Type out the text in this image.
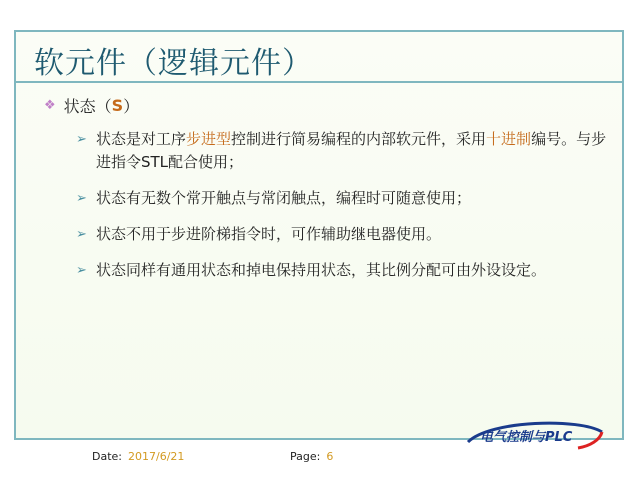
软元件（逻辑元件）
❖ 状态（ S ）
➢ 状态是对工序步进型控制进行简易编程的内部软元件，采用十进制编号。与步进指令STL配合使用；
➢ 状态有无数个常开触点与常闭触点，编程时可随意使用；
➢ 状态不用于步进阶梯指令时，可作辅助继电器使用。
➢ 状态同样有通用状态和掉电保持用状态，其比例分配可由外设设定。
电气控制与PLC
Date: 2017/6/21	Page: 6
